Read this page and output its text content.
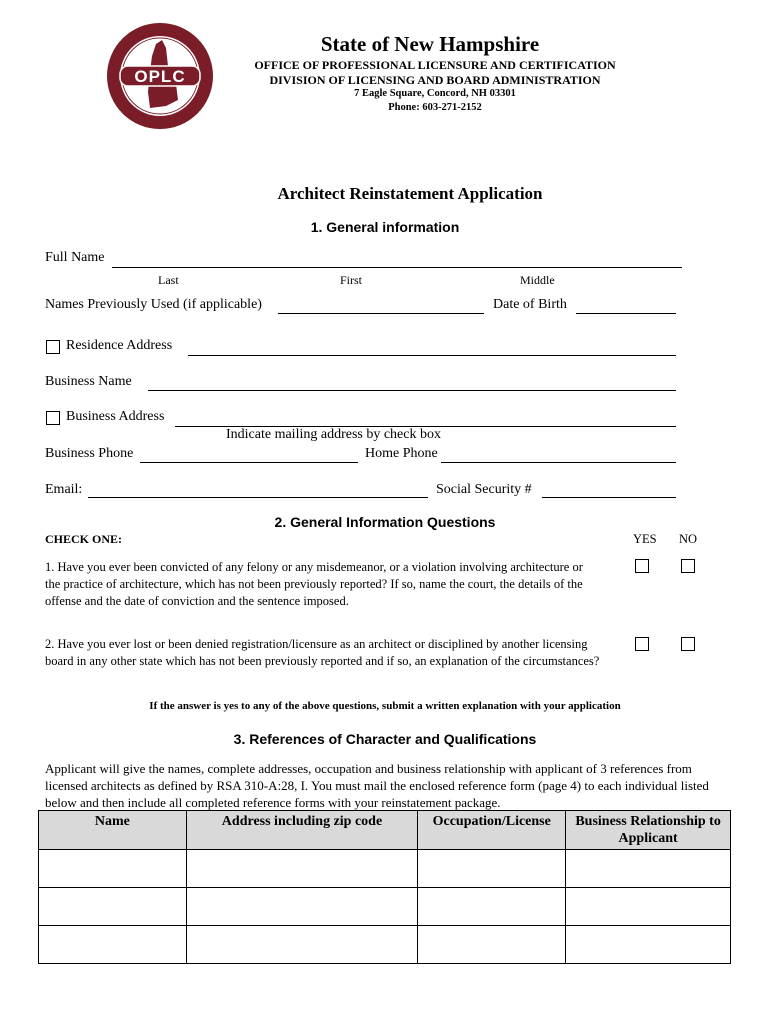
OPLC
State of New Hampshire
OFFICE OF PROFESSIONAL LICENSURE AND CERTIFICATION
DIVISION OF LICENSING AND BOARD ADMINISTRATION
7 Eagle Square, Concord, NH 03301
Phone: 603-271-2152
Architect Reinstatement Application
1. General information
Full Name
Last	First	Middle
Names Previously Used (if applicable)	Date of Birth
Residence Address
Business Name
Business Address
Indicate mailing address by check box
Business Phone	Home Phone
Email:	Social Security #
2. General Information Questions
CHECK ONE:	YES NO
1. Have you ever been convicted of any felony or any misdemeanor, or a violation involving architecture or the practice of architecture, which has not been previously reported? If so, name the court, the details of the offense and the date of conviction and the sentence imposed.
2. Have you ever lost or been denied registration/licensure as an architect or disciplined by another licensing board in any other state which has not been previously reported and if so, an explanation of the circumstances?
If the answer is yes to any of the above questions, submit a written explanation with your application
3. References of Character and Qualifications
Applicant will give the names, complete addresses, occupation and business relationship with applicant of 3 references from licensed architects as defined by RSA 310-A:28, I. You must mail the enclosed reference form (page 4) to each individual listed below and then include all completed reference forms with your reinstatement package.
Name	Address including zip code	Occupation/License	Business Relationship to Applicant
